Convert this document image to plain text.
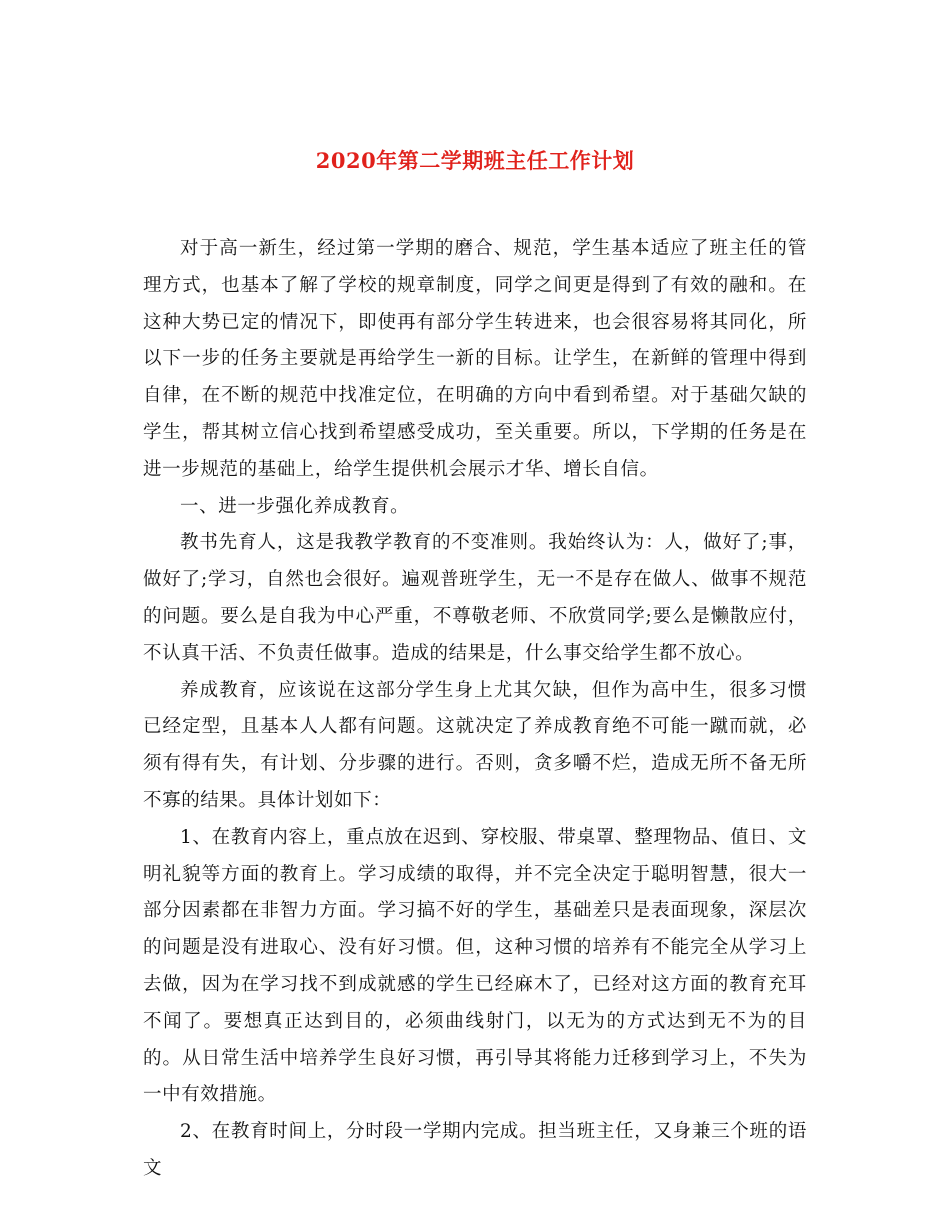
2020年第二学期班主任工作计划

对于高一新生，经过第一学期的磨合、规范，学生基本适应了班主任的管理方式，也基本了解了学校的规章制度，同学之间更是得到了有效的融和。在这种大势已定的情况下，即使再有部分学生转进来，也会很容易将其同化，所以下一步的任务主要就是再给学生一新的目标。让学生，在新鲜的管理中得到自律，在不断的规范中找准定位，在明确的方向中看到希望。对于基础欠缺的学生，帮其树立信心找到希望感受成功，至关重要。所以，下学期的任务是在进一步规范的基础上，给学生提供机会展示才华、增长自信。

一、进一步强化养成教育。

教书先育人，这是我教学教育的不变准则。我始终认为：人，做好了;事，做好了;学习，自然也会很好。遍观普班学生，无一不是存在做人、做事不规范的问题。要么是自我为中心严重，不尊敬老师、不欣赏同学;要么是懒散应付，不认真干活、不负责任做事。造成的结果是，什么事交给学生都不放心。

养成教育，应该说在这部分学生身上尤其欠缺，但作为高中生，很多习惯已经定型，且基本人人都有问题。这就决定了养成教育绝不可能一蹴而就，必须有得有失，有计划、分步骤的进行。否则，贪多嚼不烂，造成无所不备无所不寡的结果。具体计划如下：

1、在教育内容上，重点放在迟到、穿校服、带桌罩、整理物品、值日、文明礼貌等方面的教育上。学习成绩的取得，并不完全决定于聪明智慧，很大一部分因素都在非智力方面。学习搞不好的学生，基础差只是表面现象，深层次的问题是没有进取心、没有好习惯。但，这种习惯的培养有不能完全从学习上去做，因为在学习找不到成就感的学生已经麻木了，已经对这方面的教育充耳不闻了。要想真正达到目的，必须曲线射门，以无为的方式达到无不为的目的。从日常生活中培养学生良好习惯，再引导其将能力迁移到学习上，不失为一中有效措施。

2、在教育时间上，分时段一学期内完成。担当班主任，又身兼三个班的语文
